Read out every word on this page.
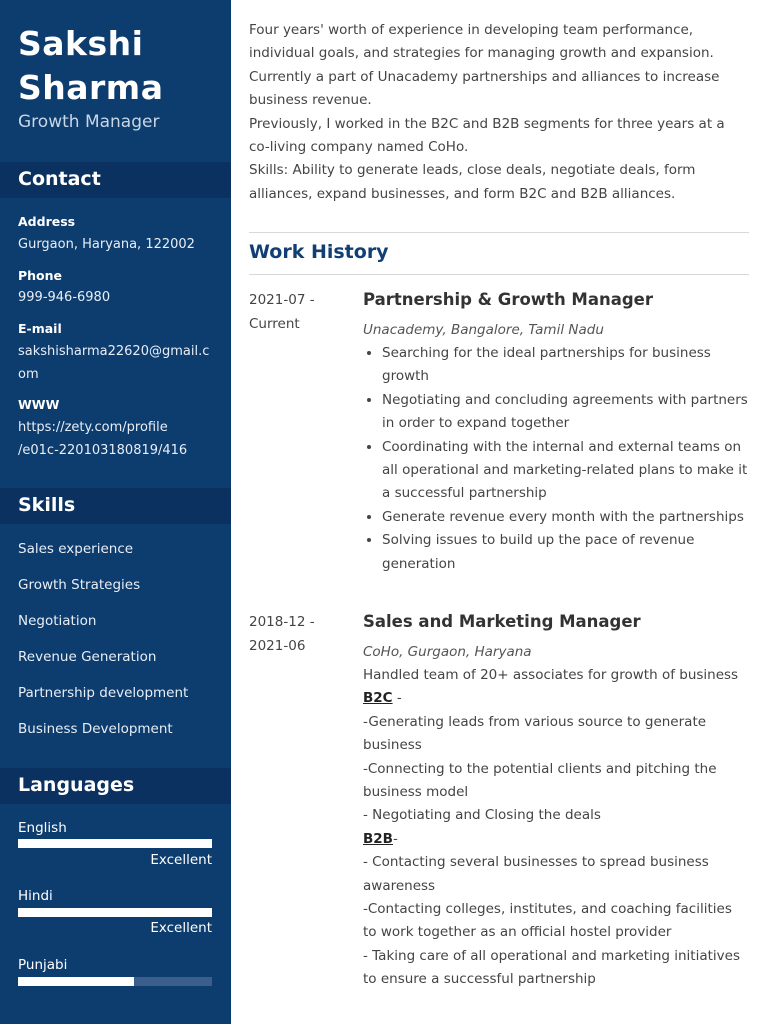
Sakshi
Sharma
Growth Manager
Contact
Address
Gurgaon, Haryana, 122002
Phone
999-946-6980
E-mail
sakshisharma22620@gmail.c
om
WWW
https://zety.com/profile
/e01c-220103180819/416
Skills
Sales experience
Growth Strategies
Negotiation
Revenue Generation
Partnership development
Business Development
Languages
English
Excellent
Hindi
Excellent
Punjabi

Four years' worth of experience in developing team performance, individual goals, and strategies for managing growth and expansion. Currently a part of Unacademy partnerships and alliances to increase business revenue.

Previously, I worked in the B2C and B2B segments for three years at a co-living company named CoHo.

Skills: Ability to generate leads, close deals, negotiate deals, form alliances, expand businesses, and form B2C and B2B alliances.

Work History
2021-07 -
Current
Partnership & Growth Manager
Unacademy, Bangalore, Tamil Nadu
• Searching for the ideal partnerships for business growth
• Negotiating and concluding agreements with partners in order to expand together
• Coordinating with the internal and external teams on all operational and marketing-related plans to make it a successful partnership
• Generate revenue every month with the partnerships
• Solving issues to build up the pace of revenue generation
2018-12 -
2021-06
Sales and Marketing Manager
CoHo, Gurgaon, Haryana
Handled team of 20+ associates for growth of business
B2C -
-Generating leads from various source to generate business
-Connecting to the potential clients and pitching the business model
- Negotiating and Closing the deals
B2B-
- Contacting several businesses to spread business awareness
-Contacting colleges, institutes, and coaching facilities to work together as an official hostel provider
- Taking care of all operational and marketing initiatives to ensure a successful partnership
